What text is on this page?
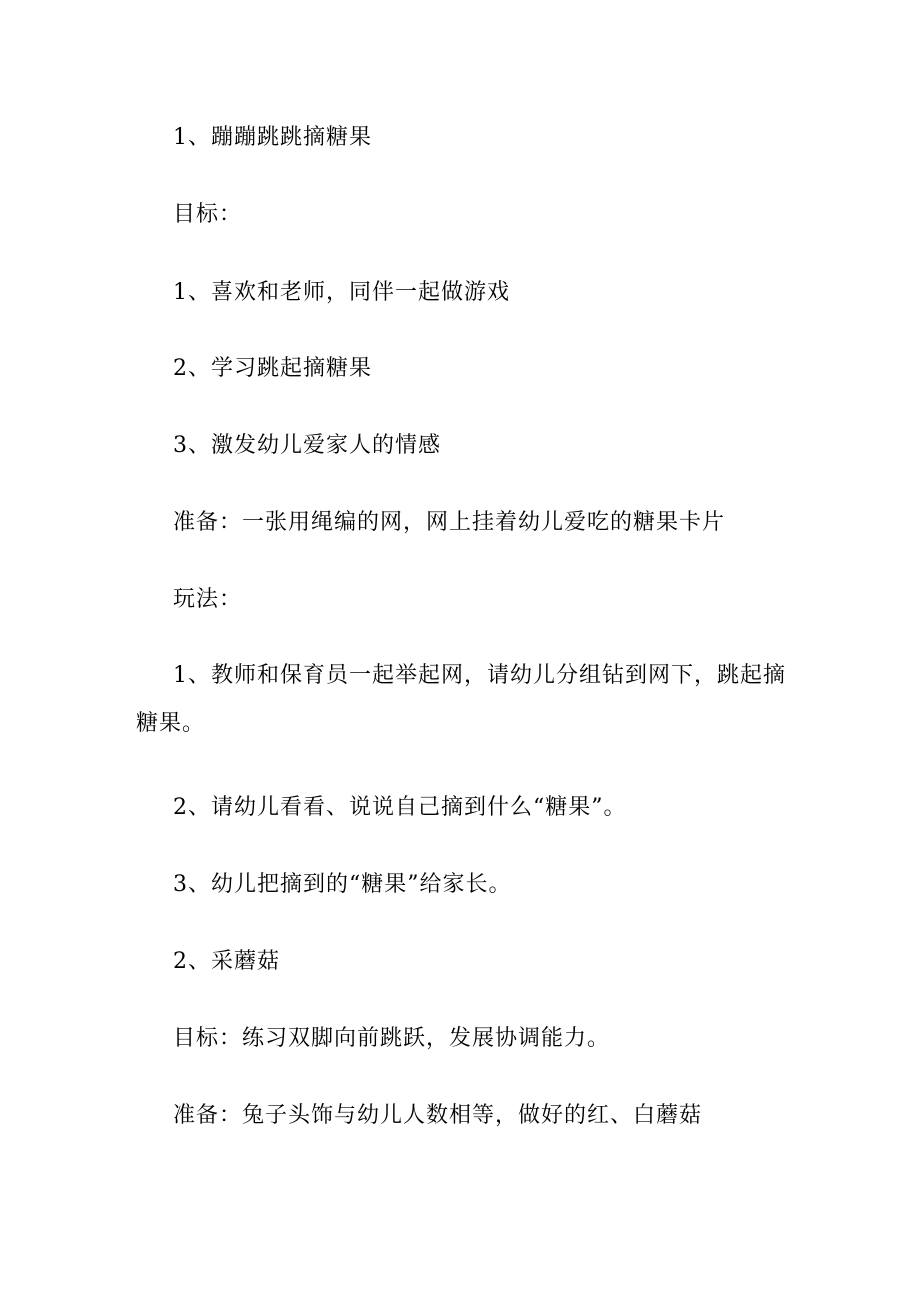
1、蹦蹦跳跳摘糖果
目标：
1、喜欢和老师，同伴一起做游戏
2、学习跳起摘糖果
3、激发幼儿爱家人的情感
准备：一张用绳编的网，网上挂着幼儿爱吃的糖果卡片
玩法：
1、教师和保育员一起举起网，请幼儿分组钻到网下，跳起摘糖果。
2、请幼儿看看、说说自己摘到什么“糖果”。
3、幼儿把摘到的“糖果”给家长。
2、采蘑菇
目标：练习双脚向前跳跃，发展协调能力。
准备：兔子头饰与幼儿人数相等，做好的红、白蘑菇
